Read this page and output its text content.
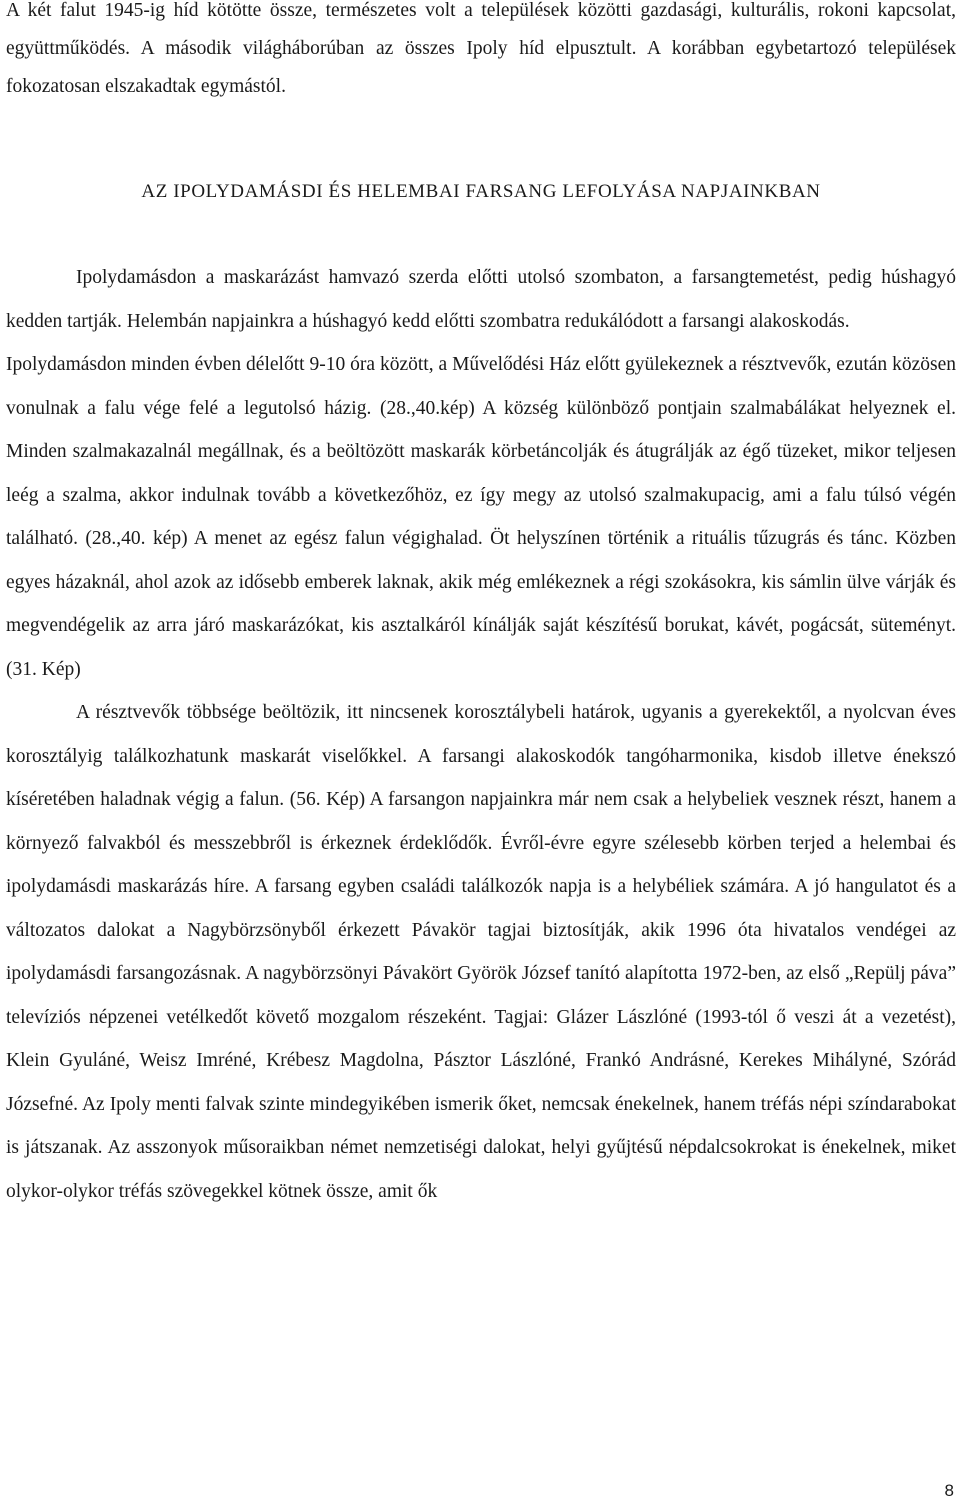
A két falut 1945-ig híd kötötte össze, természetes volt a települések közötti gazdasági, kulturális, rokoni kapcsolat, együttműködés. A második világháborúban az összes Ipoly híd elpusztult. A korábban egybetartozó települések fokozatosan elszakadtak egymástól.
AZ IPOLYDAMÁSDI ÉS HELEMBAI FARSANG LEFOLYÁSA NAPJAINKBAN

Ipolydamásdon a maskarázást hamvazó szerda előtti utolsó szombaton, a farsangtemetést, pedig húshagyó kedden tartják. Helembán napjainkra a húshagyó kedd előtti szombatra redukálódott a farsangi alakoskodás.

Ipolydamásdon minden évben délelőtt 9-10 óra között, a Művelődési Ház előtt gyülekeznek a résztvevők, ezután közösen vonulnak a falu vége felé a legutolsó házig. (28.,40.kép) A község különböző pontjain szalmabálákat helyeznek el. Minden szalmakazalnál megállnak, és a beöltözött maskarák körbetáncolják és átugrálják az égő tüzeket, mikor teljesen leég a szalma, akkor indulnak tovább a következőhöz, ez így megy az utolsó szalmakupacig, ami a falu túlsó végén található. (28.,40. kép) A menet az egész falun végighalad. Öt helyszínen történik a rituális tűzugrás és tánc. Közben egyes házaknál, ahol azok az idősebb emberek laknak, akik még emlékeznek a régi szokásokra, kis sámlin ülve várják és megvendégelik az arra járó maskarázókat, kis asztalkáról kínálják saját készítésű borukat, kávét, pogácsát, süteményt. (31. Kép)

A résztvevők többsége beöltözik, itt nincsenek korosztálybeli határok, ugyanis a gyerekektől, a nyolcvan éves korosztályig találkozhatunk maskarát viselőkkel. A farsangi alakoskodók tangóharmonika, kisdob illetve énekszó kíséretében haladnak végig a falun. (56. Kép) A farsangon napjainkra már nem csak a helybeliek vesznek részt, hanem a környező falvakból és messzebbről is érkeznek érdeklődők. Évről-évre egyre szélesebb körben terjed a helembai és ipolydamásdi maskarázás híre. A farsang egyben családi találkozók napja is a helybéliek számára. A jó hangulatot és a változatos dalokat a Nagybörzsönyből érkezett Pávakör tagjai biztosítják, akik 1996 óta hivatalos vendégei az ipolydamásdi farsangozásnak. A nagybörzsönyi Pávakört Györök József tanító alapította 1972-ben, az első „Repülj páva” televíziós népzenei vetélkedőt követő mozgalom részeként. Tagjai: Glázer Lászlóné (1993-tól ő veszi át a vezetést), Klein Gyuláné, Weisz Imréné, Krébesz Magdolna, Pásztor Lászlóné, Frankó Andrásné, Kerekes Mihályné, Szórád Józsefné. Az Ipoly menti falvak szinte mindegyikében ismerik őket, nemcsak énekelnek, hanem tréfás népi színdarabokat is játszanak. Az asszonyok műsoraikban német nemzetiségi dalokat, helyi gyűjtésű népdalcsokrokat is énekelnek, miket olykor-olykor tréfás szövegekkel kötnek össze, amit ők

8
